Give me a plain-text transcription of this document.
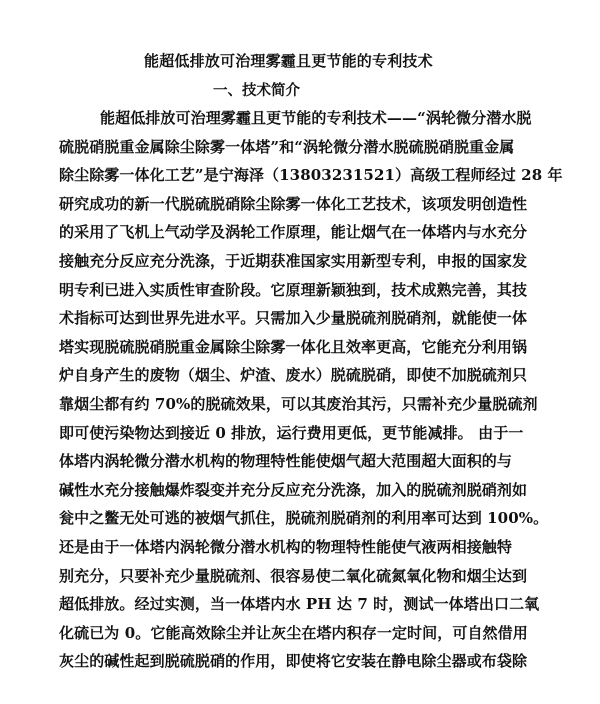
能超低排放可治理雾霾且更节能的专利技术
一、技术简介
能超低排放可治理雾霾且更节能的专利技术——“涡轮微分潜水脱
硫脱硝脱重金属除尘除雾一体塔”和“涡轮微分潜水脱硫脱硝脱重金属
除尘除雾一体化工艺”是宁海泽（13803231521）高级工程师经过 28 年
研究成功的新一代脱硫脱硝除尘除雾一体化工艺技术，该项发明创造性
的采用了飞机上气动学及涡轮工作原理，能让烟气在一体塔内与水充分
接触充分反应充分洗涤，于近期获准国家实用新型专利，申报的国家发
明专利已进入实质性审查阶段。它原理新颖独到，技术成熟完善，其技
术指标可达到世界先进水平。只需加入少量脱硫剂脱硝剂，就能使一体
塔实现脱硫脱硝脱重金属除尘除雾一体化且效率更高，它能充分利用锅
炉自身产生的废物（烟尘、炉渣、废水）脱硫脱硝，即使不加脱硫剂只
靠烟尘都有约 70%的脱硫效果，可以其废治其污，只需补充少量脱硫剂
即可使污染物达到接近 0 排放，运行费用更低，更节能减排。 由于一
体塔内涡轮微分潜水机构的物理特性能使烟气超大范围超大面积的与
碱性水充分接触爆炸裂变并充分反应充分洗涤，加入的脱硫剂脱硝剂如
瓮中之鳖无处可逃的被烟气抓住，脱硫剂脱硝剂的利用率可达到 100%。
还是由于一体塔内涡轮微分潜水机构的物理特性能使气液两相接触特
别充分，只要补充少量脱硫剂、很容易使二氧化硫氮氧化物和烟尘达到
超低排放。经过实测，当一体塔内水 PH 达 7 时，测试一体塔出口二氧
化硫已为 0。它能高效除尘并让灰尘在塔内积存一定时间，可自然借用
灰尘的碱性起到脱硫脱硝的作用，即使将它安装在静电除尘器或布袋除
